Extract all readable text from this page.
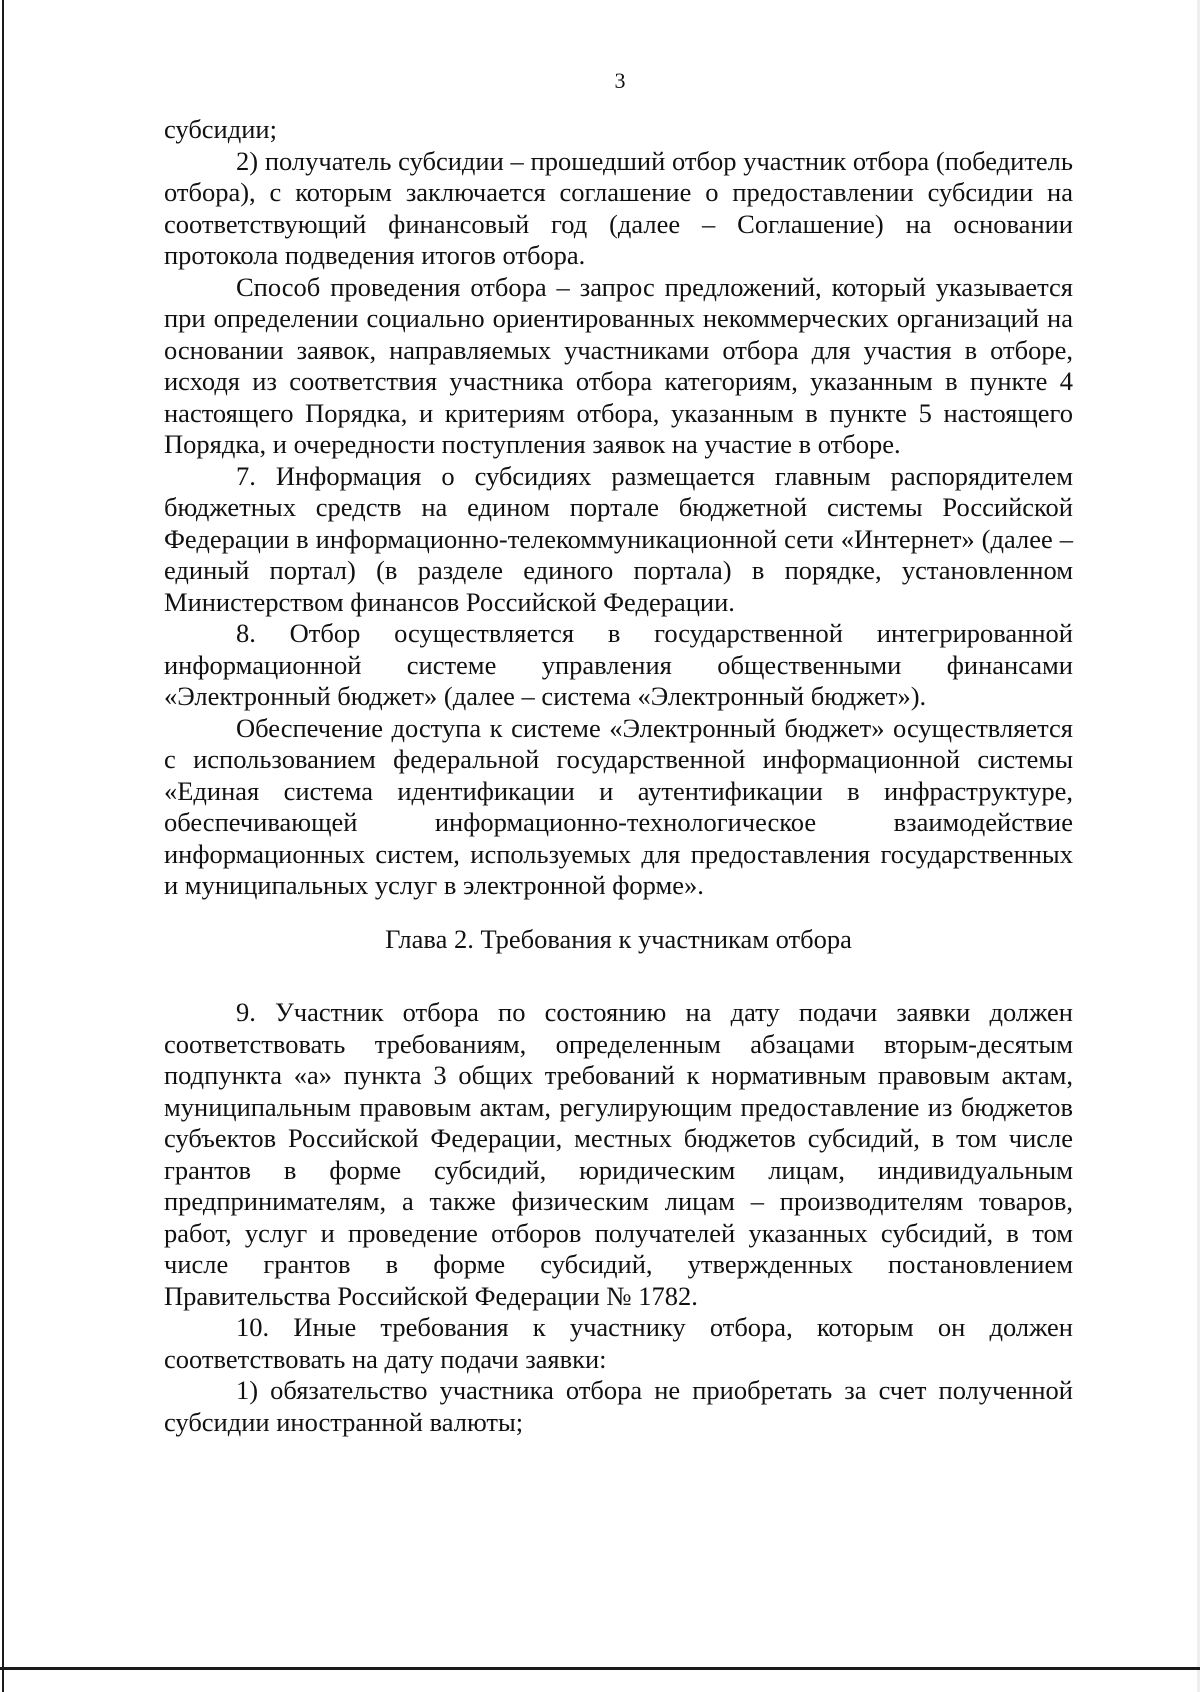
3

субсидии;

2) получатель субсидии – прошедший отбор участник отбора (победитель отбора), с которым заключается соглашение о предоставлении субсидии на соответствующий финансовый год (далее – Соглашение) на основании протокола подведения итогов отбора.

Способ проведения отбора – запрос предложений, который указывается при определении социально ориентированных некоммерческих организаций на основании заявок, направляемых участниками отбора для участия в отборе, исходя из соответствия участника отбора категориям, указанным в пункте 4 настоящего Порядка, и критериям отбора, указанным в пункте 5 настоящего Порядка, и очередности поступления заявок на участие в отборе.

7. Информация о субсидиях размещается главным распорядителем бюджетных средств на едином портале бюджетной системы Российской Федерации в информационно-телекоммуникационной сети «Интернет» (далее – единый портал) (в разделе единого портала) в порядке, установленном Министерством финансов Российской Федерации.

8. Отбор осуществляется в государственной интегрированной информационной системе управления общественными финансами «Электронный бюджет» (далее – система «Электронный бюджет»).

Обеспечение доступа к системе «Электронный бюджет» осуществляется с использованием федеральной государственной информационной системы «Единая система идентификации и аутентификации в инфраструктуре, обеспечивающей информационно-технологическое взаимодействие информационных систем, используемых для предоставления государственных и муниципальных услуг в электронной форме».

Глава 2. Требования к участникам отбора

9. Участник отбора по состоянию на дату подачи заявки должен соответствовать требованиям, определенным абзацами вторым-десятым подпункта «а» пункта 3 общих требований к нормативным правовым актам, муниципальным правовым актам, регулирующим предоставление из бюджетов субъектов Российской Федерации, местных бюджетов субсидий, в том числе грантов в форме субсидий, юридическим лицам, индивидуальным предпринимателям, а также физическим лицам – производителям товаров, работ, услуг и проведение отборов получателей указанных субсидий, в том числе грантов в форме субсидий, утвержденных постановлением Правительства Российской Федерации № 1782.

10. Иные требования к участнику отбора, которым он должен соответствовать на дату подачи заявки:

1) обязательство участника отбора не приобретать за счет полученной субсидии иностранной валюты;
